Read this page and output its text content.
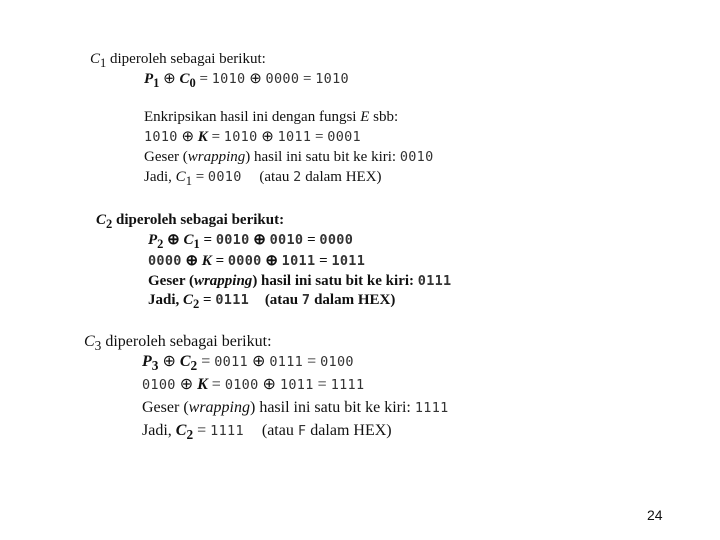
$C_1$ diperoleh sebagai berikut:
$P_1$ ⊕ $C_0 = 1010$ ⊕ 0000 = 1010
Enkripsikan hasil ini dengan fungsi E sbb:
1010 ⊕ K = 1010 ⊕ 1011 = 0001
Geser (wrapping) hasil ini satu bit ke kiri: 0010
Jadi, $C_1 = 0010$ (atau 2 dalam HEX)
$C_2$ diperoleh sebagai berikut:
$P_2$ ⊕ $C_1 = 0010$ ⊕ 0010 = 0000
0000 ⊕ K = 0000 ⊕ 1011 = 1011
Geser (wrapping) hasil ini satu bit ke kiri: 0111
Jadi, $C_2 = 0111$ (atau 7 dalam HEX)
$C_3$ diperoleh sebagai berikut:
$P_3$ ⊕ $C_2 = 0011$ ⊕ 0111 = 0100
0100 ⊕ K = 0100 ⊕ 1011 = 1111
Geser (wrapping) hasil ini satu bit ke kiri: 1111
Jadi, $C_2 = 1111$ (atau F dalam HEX)
24
